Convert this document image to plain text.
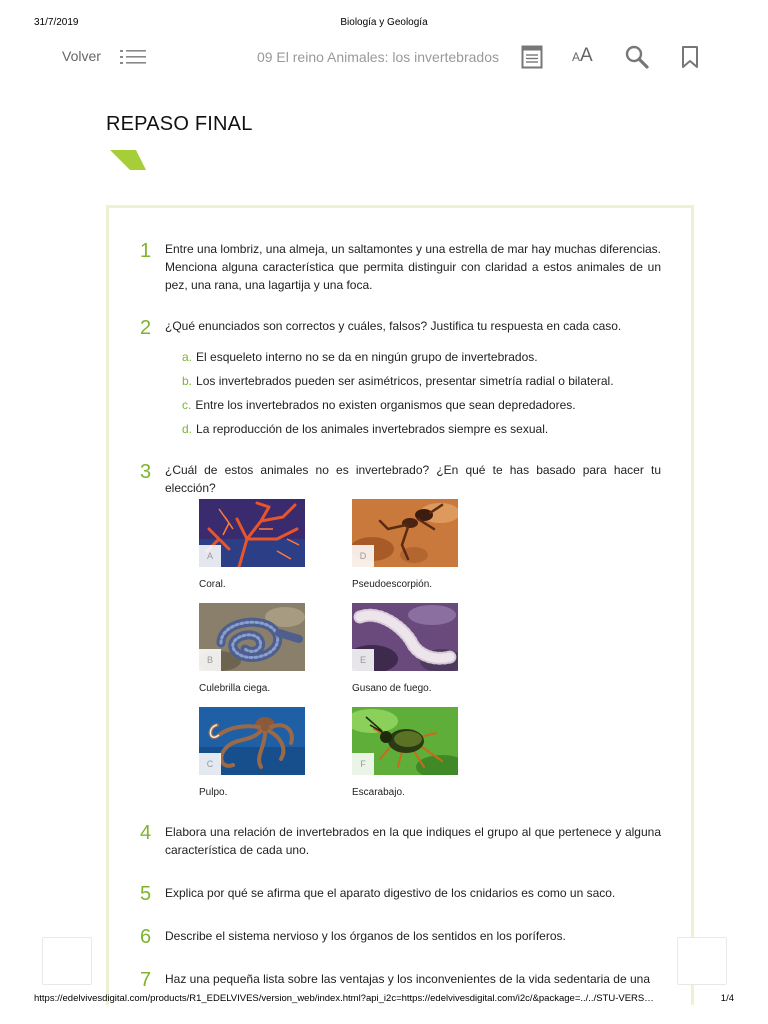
31/7/2019	Biología y Geología
Volver	09 El reino Animales: los invertebrados	AA
REPASO FINAL
1 Entre una lombriz, una almeja, un saltamontes y una estrella de mar hay muchas diferencias. Menciona alguna característica que permita distinguir con claridad a estos animales de un pez, una rana, una lagartija y una foca.
2 ¿Qué enunciados son correctos y cuáles, falsos? Justifica tu respuesta en cada caso.
a. El esqueleto interno no se da en ningún grupo de invertebrados.
b. Los invertebrados pueden ser asimétricos, presentar simetría radial o bilateral.
c. Entre los invertebrados no existen organismos que sean depredadores.
d. La reproducción de los animales invertebrados siempre es sexual.
3 ¿Cuál de estos animales no es invertebrado? ¿En qué te has basado para hacer tu elección?
A
Coral.
D
Pseudoescorpión.
B
Culebrilla ciega.
E
Gusano de fuego.
C
Pulpo.
F
Escarabajo.
4 Elabora una relación de invertebrados en la que indiques el grupo al que pertenece y alguna característica de cada uno.
5 Explica por qué se afirma que el aparato digestivo de los cnidarios es como un saco.
6 Describe el sistema nervioso y los órganos de los sentidos en los poríferos.
7 Haz una pequeña lista sobre las ventajas y los inconvenientes de la vida sedentaria de una
https://edelvivesdigital.com/products/R1_EDELVIVES/version_web/index.html?api_i2c=https://edelvivesdigital.com/i2c/&package=../../STU-VERS…	1/4
